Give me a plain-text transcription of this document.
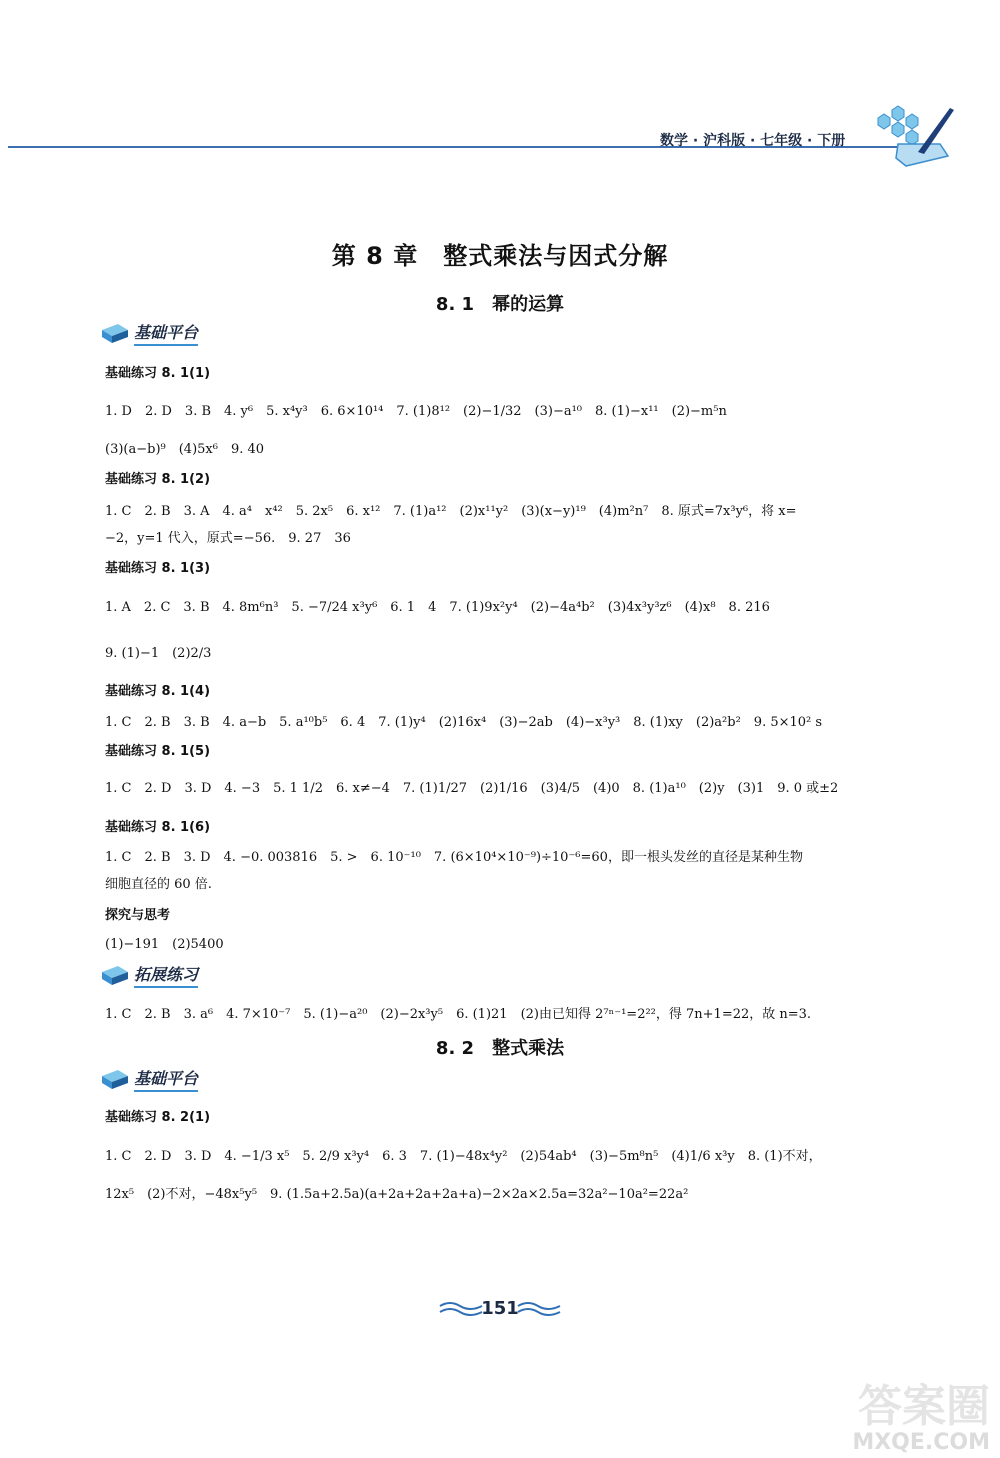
数学 · 沪科版 · 七年级 · 下册
第 8 章　整式乘法与因式分解
8. 1　幂的运算
基础平台
基础练习 8. 1(1)
1. D　2. D　3. B　4. y⁶　5. x⁴y³　6. 6×10¹⁴　7. (1)8¹²　(2)−1/32　(3)−a¹⁰　8. (1)−x¹¹　(2)−m⁵n
(3)(a−b)⁹　(4)5x⁶　9. 40
基础练习 8. 1(2)
1. C　2. B　3. A　4. a⁴　x⁴²　5. 2x⁵　6. x¹²　7. (1)a¹²　(2)x¹¹y²　(3)(x−y)¹⁹　(4)m²n⁷　8. 原式=7x³y⁶，将 x=
−2，y=1 代入，原式=−56.　9. 27　36
基础练习 8. 1(3)
1. A　2. C　3. B　4. 8m⁶n³　5. −7/24 x³y⁶　6. 1　4　7. (1)9x²y⁴　(2)−4a⁴b²　(3)4x³y³z⁶　(4)x⁸　8. 216
9. (1)−1　(2)2/3
基础练习 8. 1(4)
1. C　2. B　3. B　4. a−b　5. a¹⁰b⁵　6. 4　7. (1)y⁴　(2)16x⁴　(3)−2ab　(4)−x³y³　8. (1)xy　(2)a²b²　9. 5×10² s
基础练习 8. 1(5)
1. C　2. D　3. D　4. −3　5. 1 1/2　6. x≠−4　7. (1)1/27　(2)1/16　(3)4/5　(4)0　8. (1)a¹⁰　(2)y　(3)1　9. 0 或±2
基础练习 8. 1(6)
1. C　2. B　3. D　4. −0. 003816　5. >　6. 10⁻¹⁰　7. (6×10⁴×10⁻⁹)÷10⁻⁶=60，即一根头发丝的直径是某种生物
细胞直径的 60 倍.
探究与思考
(1)−191　(2)5400
拓展练习
1. C　2. B　3. a⁶　4. 7×10⁻⁷　5. (1)−a²⁰　(2)−2x³y⁵　6. (1)21　(2)由已知得 2⁷ⁿ⁻¹=2²²，得 7n+1=22，故 n=3.
8. 2　整式乘法
基础平台
基础练习 8. 2(1)
1. C　2. D　3. D　4. −1/3 x⁵　5. 2/9 x³y⁴　6. 3　7. (1)−48x⁴y²　(2)54ab⁴　(3)−5m⁸n⁵　(4)1/6 x³y　8. (1)不对，
12x⁵　(2)不对，−48x⁵y⁵　9. (1.5a+2.5a)(a+2a+2a+2a+a)−2×2a×2.5a=32a²−10a²=22a²
151
答案圈
MXQE.COM
